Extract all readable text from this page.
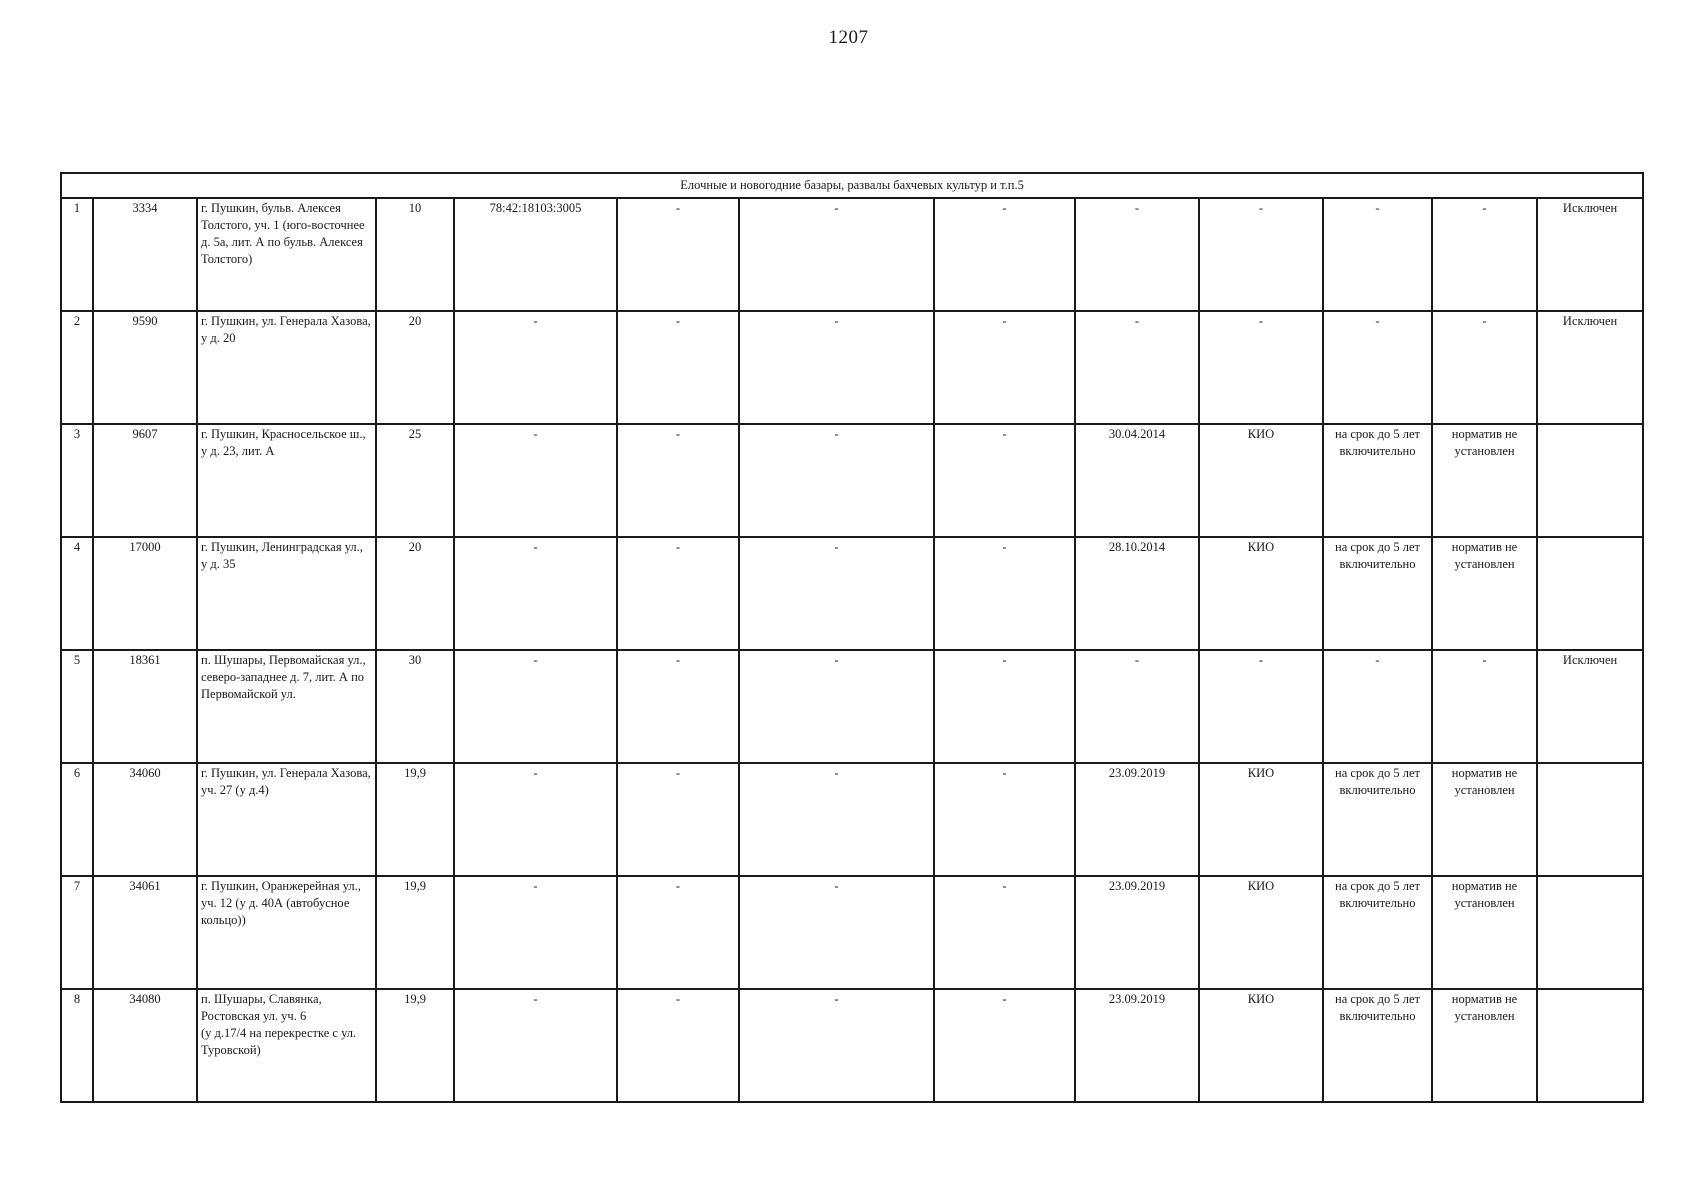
1207
Елочные и новогодние базары, развалы бахчевых культур и т.п.5												
1	3334	г. Пушкин, бульв. Алексея Толстого, уч. 1 (юго-восточнее д. 5а, лит. А по бульв. Алексея Толстого)	10	78:42:18103:3005	-	-	-	-	-	-	-	Исключен
2	9590	г. Пушкин, ул. Генерала Хазова, у д. 20	20	-	-	-	-	-	-	-	-	Исключен
3	9607	г. Пушкин, Красносельское ш., у д. 23, лит. А	25	-	-	-	-	30.04.2014	КИО	на срок до 5 лет включительно	норматив не установлен	
4	17000	г. Пушкин, Ленинградская ул., у д. 35	20	-	-	-	-	28.10.2014	КИО	на срок до 5 лет включительно	норматив не установлен	
5	18361	п. Шушары, Первомайская ул., северо-западнее д. 7, лит. А по Первомайской ул.	30	-	-	-	-	-	-	-	-	Исключен
6	34060	г. Пушкин, ул. Генерала Хазова, уч. 27 (у д.4)	19,9	-	-	-	-	23.09.2019	КИО	на срок до 5 лет включительно	норматив не установлен	
7	34061	г. Пушкин, Оранжерейная ул., уч. 12 (у д. 40А (автобусное кольцо))	19,9	-	-	-	-	23.09.2019	КИО	на срок до 5 лет включительно	норматив не установлен	
8	34080	п. Шушары, Славянка, Ростовская ул. уч. 6
(у д.17/4 на перекрестке с ул. Туровской)	19,9	-	-	-	-	23.09.2019	КИО	на срок до 5 лет включительно	норматив не установлен	
